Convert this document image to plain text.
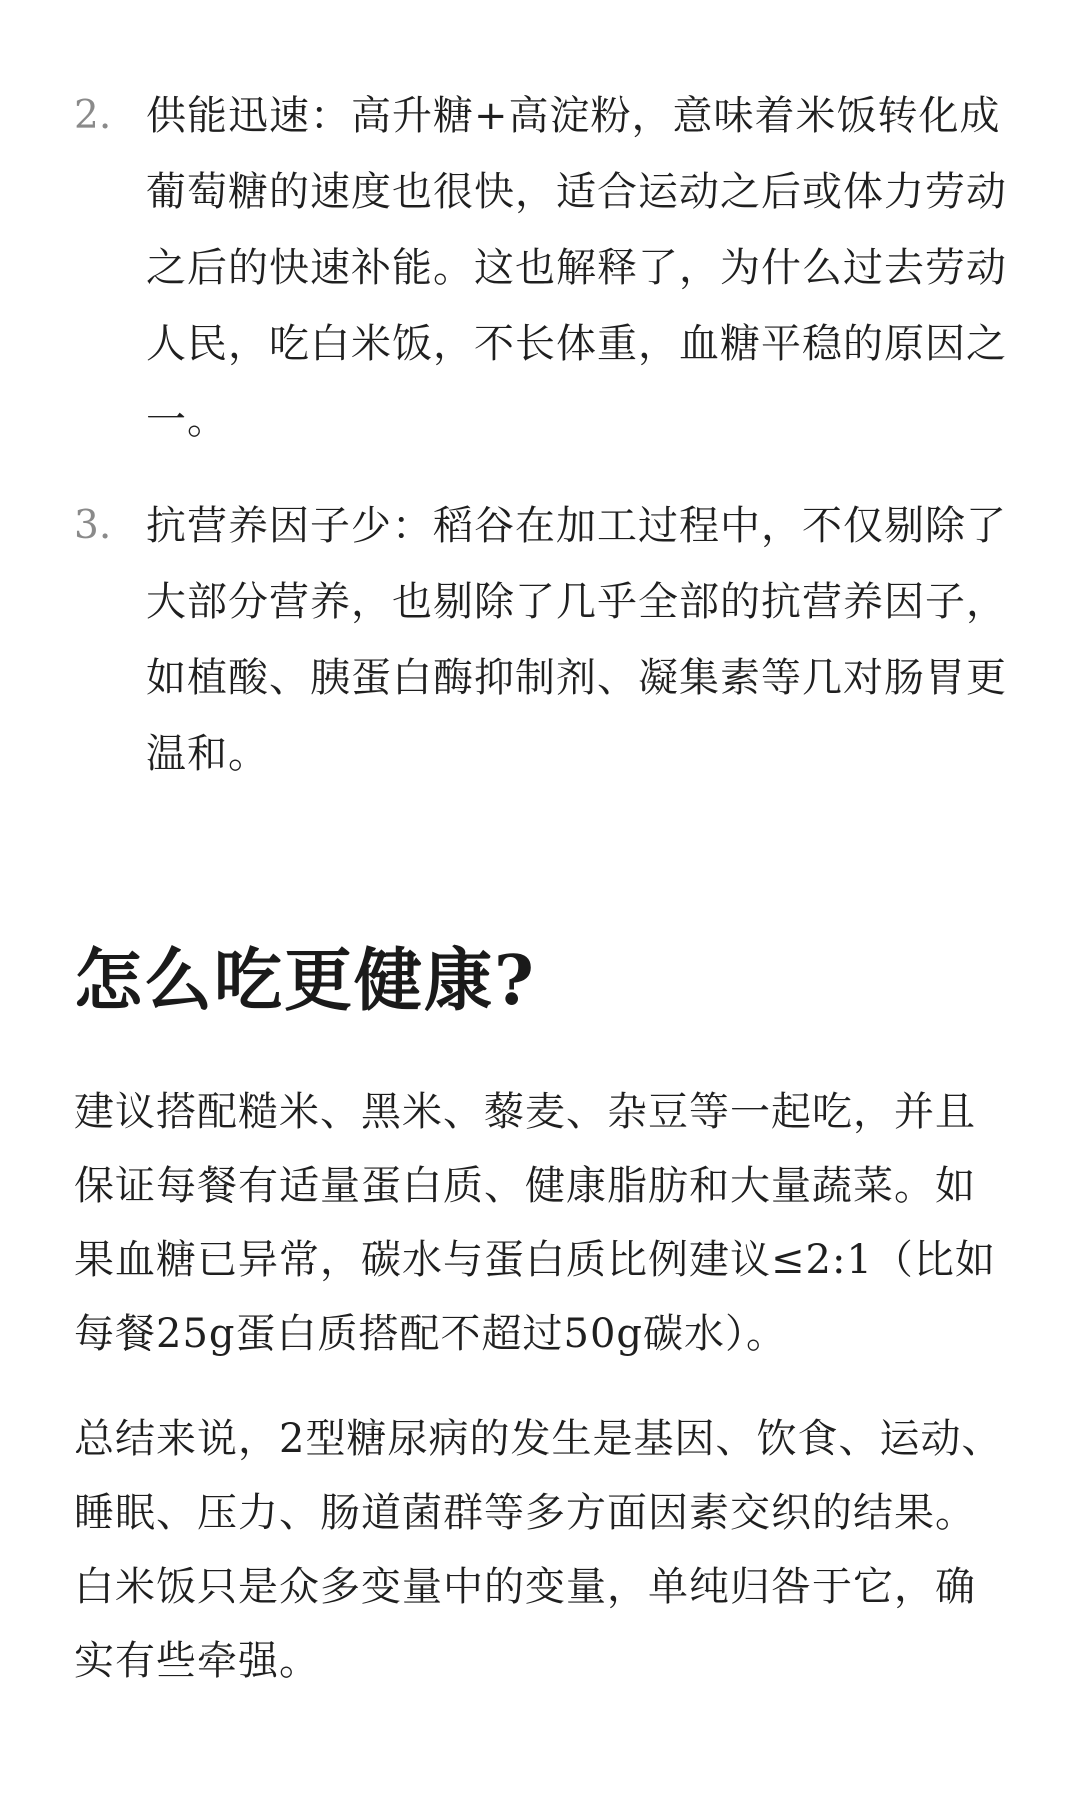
2. 供能迅速：高升糖+高淀粉，意味着米饭转化成葡萄糖的速度也很快，适合运动之后或体力劳动之后的快速补能。这也解释了，为什么过去劳动人民，吃白米饭，不长体重，血糖平稳的原因之一。
3. 抗营养因子少：稻谷在加工过程中，不仅剔除了大部分营养，也剔除了几乎全部的抗营养因子，如植酸、胰蛋白酶抑制剂、凝集素等几对肠胃更温和。
怎么吃更健康?

建议搭配糙米、黑米、藜麦、杂豆等一起吃，并且保证每餐有适量蛋白质、健康脂肪和大量蔬菜。如果血糖已异常，碳水与蛋白质比例建议≤2:1（比如每餐25g蛋白质搭配不超过50g碳水）。

总结来说，2型糖尿病的发生是基因、饮食、运动、睡眠、压力、肠道菌群等多方面因素交织的结果。白米饭只是众多变量中的变量，单纯归咎于它，确实有些牵强。
